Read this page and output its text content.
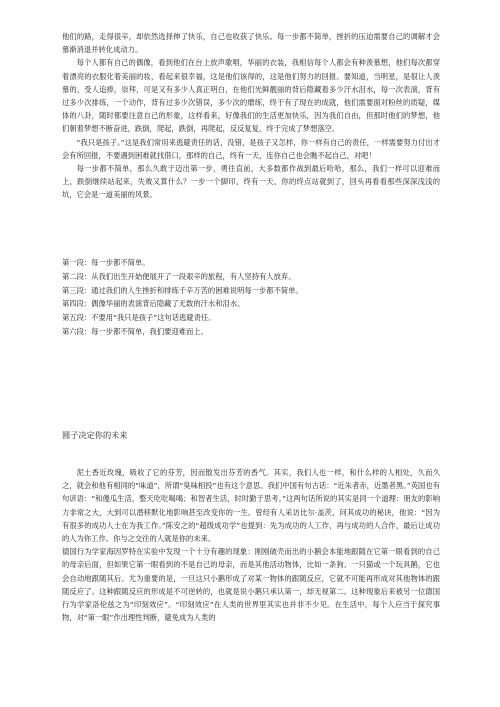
他们的路，走得很辛，却依然选择伸了快乐，自己也收获了快乐。每一步都不简单，挫折的压迫需要自己的调解才会慕渐消退并转化成动力。

每个人都有自己的偶像，看到他们在台上放声歌唱，华丽的衣装，我相信每个人都会有种羡慕想，他们每次都穿着漂亮的衣服化着美丽的妆，看起来很幸福，这是他们该得的，这是他们努力的回报。要知道，当明星，是很让人羡慕的，受人追捧，崇拜，可是又有多少人真正明白，在他们光鲜靓丽的背后隐藏着多少汗水泪水，每一次表演，背有过多少次排练，一个动作，背有过多少次错误，多少次的磨练，终于有了现在的成就，他们需要面对粉丝的质疑，媒体的八卦，随时都要注意自己的形象，这样看来，好像我们的生活更加快乐，因为我们自由，但那时他们的梦想，他们朝着梦想不断奋进，跌倒，爬起，跌倒，再爬起，反反复复，终于完成了梦想落空。

“我只是孩子。”这是我们常用来逃避责任的话，没错，是孩子又怎样，你一样有自己的责任，一样需要努力付出才会有所回报，不要遇到困难就找借口，那样的自己，终有一天，连你自己也会瞧不起自己，对吧！

每一步都不简单，那么久敢于迈出第一步，勇往直前，大多数都作战到最后哈哈，那么，我们一样可以迎难而上，跌倒继续站起来，失败又算什么？一步一个脚印，终有一天，你的终点站就到了，回头再看看那些深深浅浅的坑，它会是一道美丽的风景。

第一段：每一步都不简单。
第二段：从我们出生开始便展开了一段艰辛的旅程，有人坚持有人放弃。
第三段：通过我们的人生挫折和排练千辛万苦的困难说明每一步都不简单。
第四段：偶像华丽的表演背后隐藏了无数的汗水和泪水。
第五段：不要用“我只是孩子”这句话逃避责任。
第六段：每一步都不简单，我们要迎难而上。
圆子决定你的未来

泥土香近玫瑰，吸收了它的芬芳，因而散发出芬芳的香气。其实，我们人也一样，和什么样的人相处，久而久之，就会和他有相同的“味道”，所谓“臭味相投”也有这个意思。我们中国有句古话：“近朱者赤，近墨者黑。”英国也有句谚语：“和傻瓜生活，整天吃吃喝喝；和智者生活，时时勤于思考。”这两句话所说的其实是同一个道理：朋友的影响力非常之大，大到可以潜移默化地影响甚至改变你的一生。曾经有人采访比尔·盖茨，问其成功的秘诀，他说：“因为有很多的成功人士在为我工作。”陈安之的“超级成功学”也提到：先为成功的人工作，再与成功的人合作，最后让成功的人为你工作。你与之交往的人就是你的未来。

德国行为学家海因罗特在实验中发现一个十分有趣的现象：刚刚破壳而出的小鹅会本能地跟随在它第一眼看到的自己的母亲后面，但如果它第一眼看到的不是自己的母亲，而是其他活动物体，比如一条狗、一只猫或一个玩具鹅，它也会自动地跟随其后。尤为重要的是，一旦这只小鹅形成了对某一物体的跟随反应，它就不可能再形成对其他物体的跟随反应了。这种跟随反应的形成是不可逆转的，也就是说小鹅只承认第一，却无视第二。这种现象后来被另一位德国行为学家洛伦兹之为“印刻效应”。“印刻效应”在人类的世界里其实也并非不少见。在生活中，每个人应当于探究事物，对“第一眼”作出理性判断，避免成为人类的
